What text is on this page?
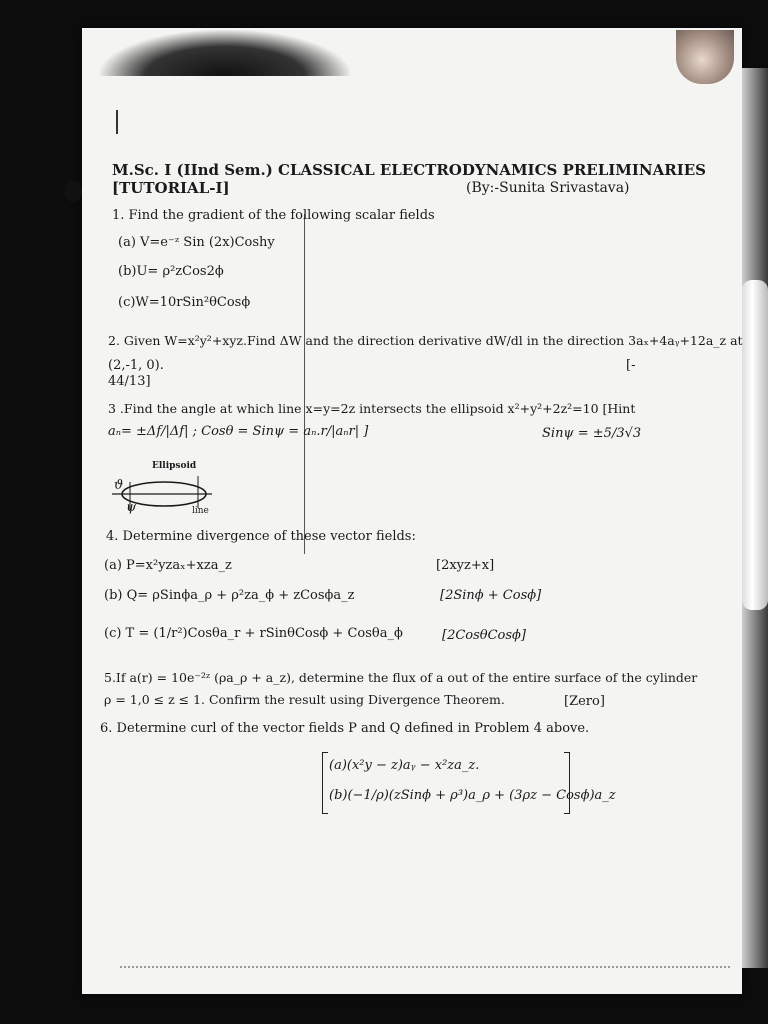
M.Sc. I (IInd Sem.) CLASSICAL ELECTRODYNAMICS PRELIMINARIES
[TUTORIAL-I]	(By:-Sunita Srivastava)
1. Find the gradient of the following scalar fields
(a) V=e⁻ᶻ Sin (2x)Coshy
(b)U= ρ²zCos2ϕ
(c)W=10rSin²θCosϕ
2. Given W=x²y²+xyz.Find ΔW and the direction derivative dW/dl in the direction 3aₓ+4aᵧ+12a_z at
(2,-1, 0).	[-
44/13]
3 .Find the angle at which line x=y=2z intersects the ellipsoid x²+y²+2z²=10 [Hint
aₙ= ±Δf/|Δf| ; Cosθ = Sinψ = aₙ.r/|aₙr| ]	Sinψ = ±5/3√3
Ellipsoid
line
ϑ
ψ
4. Determine divergence of these vector fields:
(a) P=x²yzaₓ+xza_z	[2xyz+x]
(b) Q= ρSinϕa_ρ + ρ²za_ϕ + zCosϕa_z	[2Sinϕ + Cosϕ]
(c) T = (1/r²)Cosθa_r + rSinθCosϕ + Cosθa_ϕ	[2CosθCosϕ]
5.If a(r) = 10e⁻²ᶻ (ρa_ρ + a_z), determine the flux of a out of the entire surface of the cylinder
ρ = 1,0 ≤ z ≤ 1. Confirm the result using Divergence Theorem.	[Zero]
6. Determine curl of the vector fields P and Q defined in Problem 4 above.
(a)(x²y − z)aᵧ − x²za_z.
(b)(−1/ρ)(zSinϕ + ρ³)a_ρ + (3ρz − Cosϕ)a_z
